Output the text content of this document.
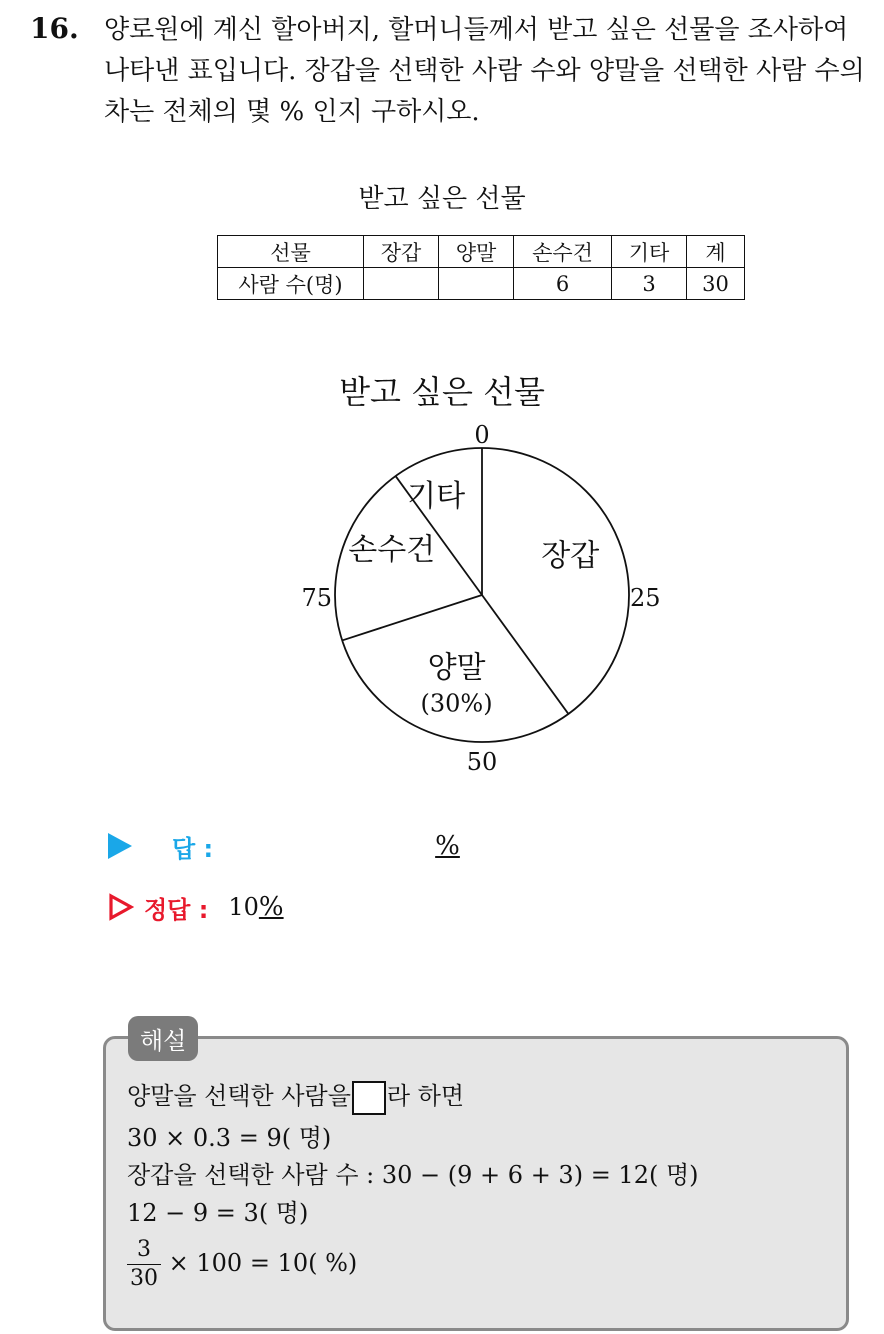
16. 양로원에 계신 할아버지, 할머니들께서 받고 싶은 선물을 조사하여
나타낸 표입니다. 장갑을 선택한 사람 수와 양말을 선택한 사람 수의
차는 전체의 몇 % 인지 구하시오.
받고 싶은 선물
선물	장갑	양말	손수건	기타	계
사람 수(명)			6	3	30
받고 싶은 선물
장갑
양말
(30%)
손수건
기타
0
25
50
75
답 :	%
정답 : 10 %
해설
양말을 선택한 사람을 라 하면
30 × 0.3 = 9( 명)
장갑을 선택한 사람 수 : 30 − (9 + 6 + 3) = 12( 명)
12 − 9 = 3( 명)
$\frac{3}{30} \times 100 = 10$( %)
